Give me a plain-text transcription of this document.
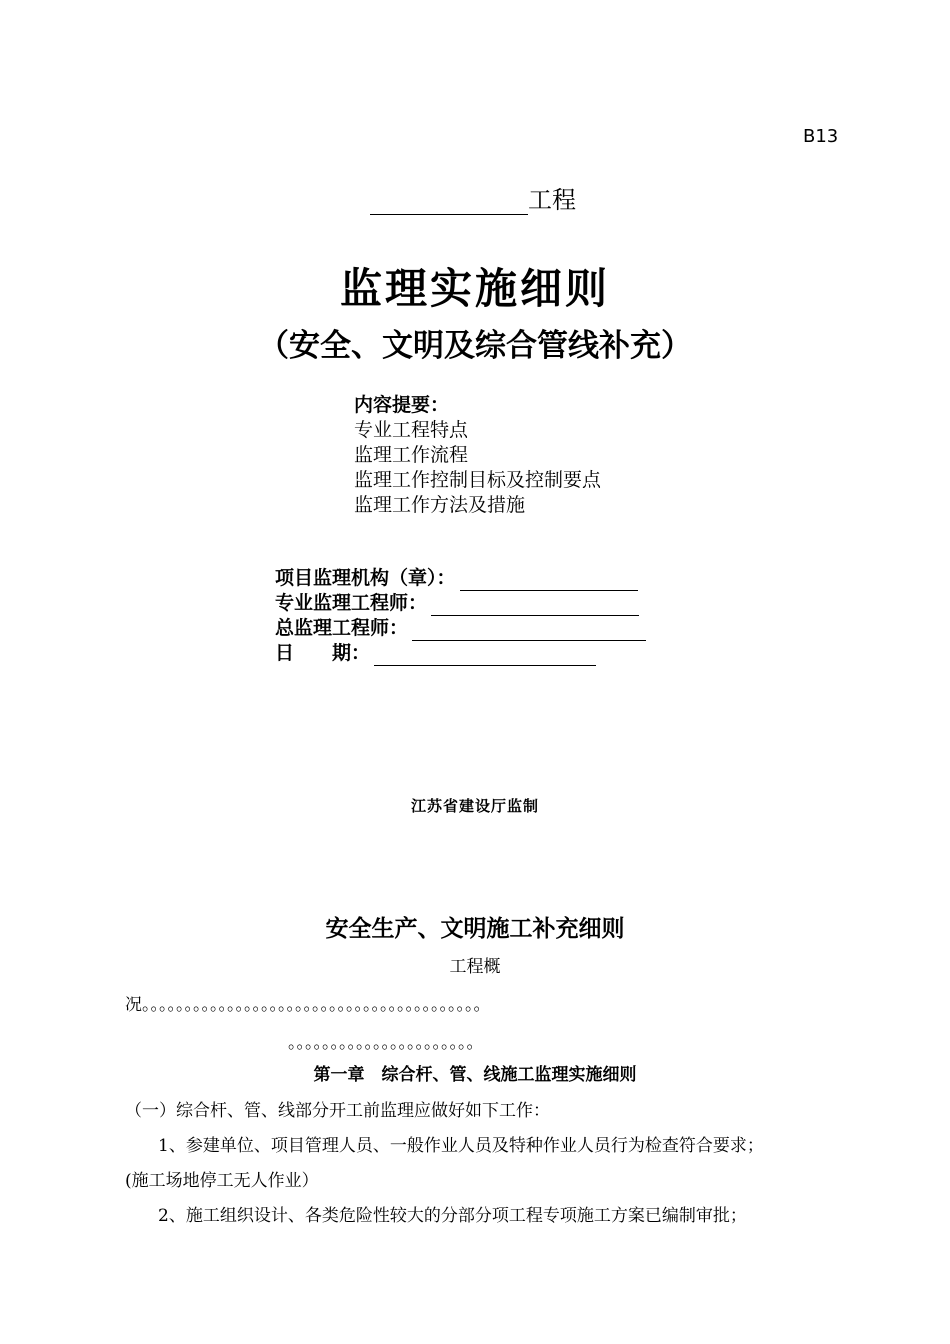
B13
工程
监理实施细则
（安全、文明及综合管线补充）
内容提要：
专业工程特点
监理工作流程
监理工作控制目标及控制要点
监理工作方法及措施
项目监理机构（章）：
专业监理工程师：
总监理工程师：
日　　期：
江苏省建设厅监制
安全生产、文明施工补充细则
工程概
况。。。。。。。。。。。。。。。。。。。。。。。。。。。。。。。。。。。。。。。。
。。。。。。。。。。。。。。。。。。。。。。
第一章　综合杆、管、线施工监理实施细则
（一）综合杆、管、线部分开工前监理应做好如下工作：
1、参建单位、项目管理人员、一般作业人员及特种作业人员行为检查符合要求；
(施工场地停工无人作业）
2、施工组织设计、各类危险性较大的分部分项工程专项施工方案已编制审批；
